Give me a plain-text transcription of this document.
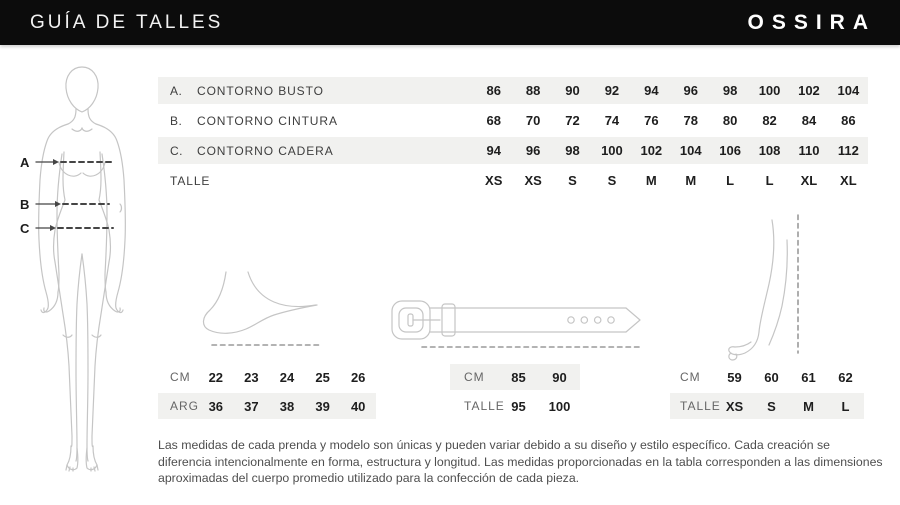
GUÍA DE TALLES	OSSIRA
A
B
C
A.	CONTORNO BUSTO	86	88	90	92	94	96	98	100	102	104
B.	CONTORNO CINTURA	68	70	72	74	76	78	80	82	84	86
C.	CONTORNO CADERA	94	96	98	100	102	104	106	108	110	112
TALLE	XS	XS	S	S	M	M	L	L	XL	XL
CM	22	23	24	25	26
ARG 36	37	38	39	40
CM	85	90
TALLE 95	100
CM	59	60	61	62
TALLE XS	S	M	L
Las medidas de cada prenda y modelo son únicas y pueden variar debido a su diseño y estilo específico. Cada creación se diferencia intencionalmente en forma, estructura y longitud. Las medidas proporcionadas en la tabla corresponden a las dimensiones aproximadas del cuerpo promedio utilizado para la confección de cada pieza.
